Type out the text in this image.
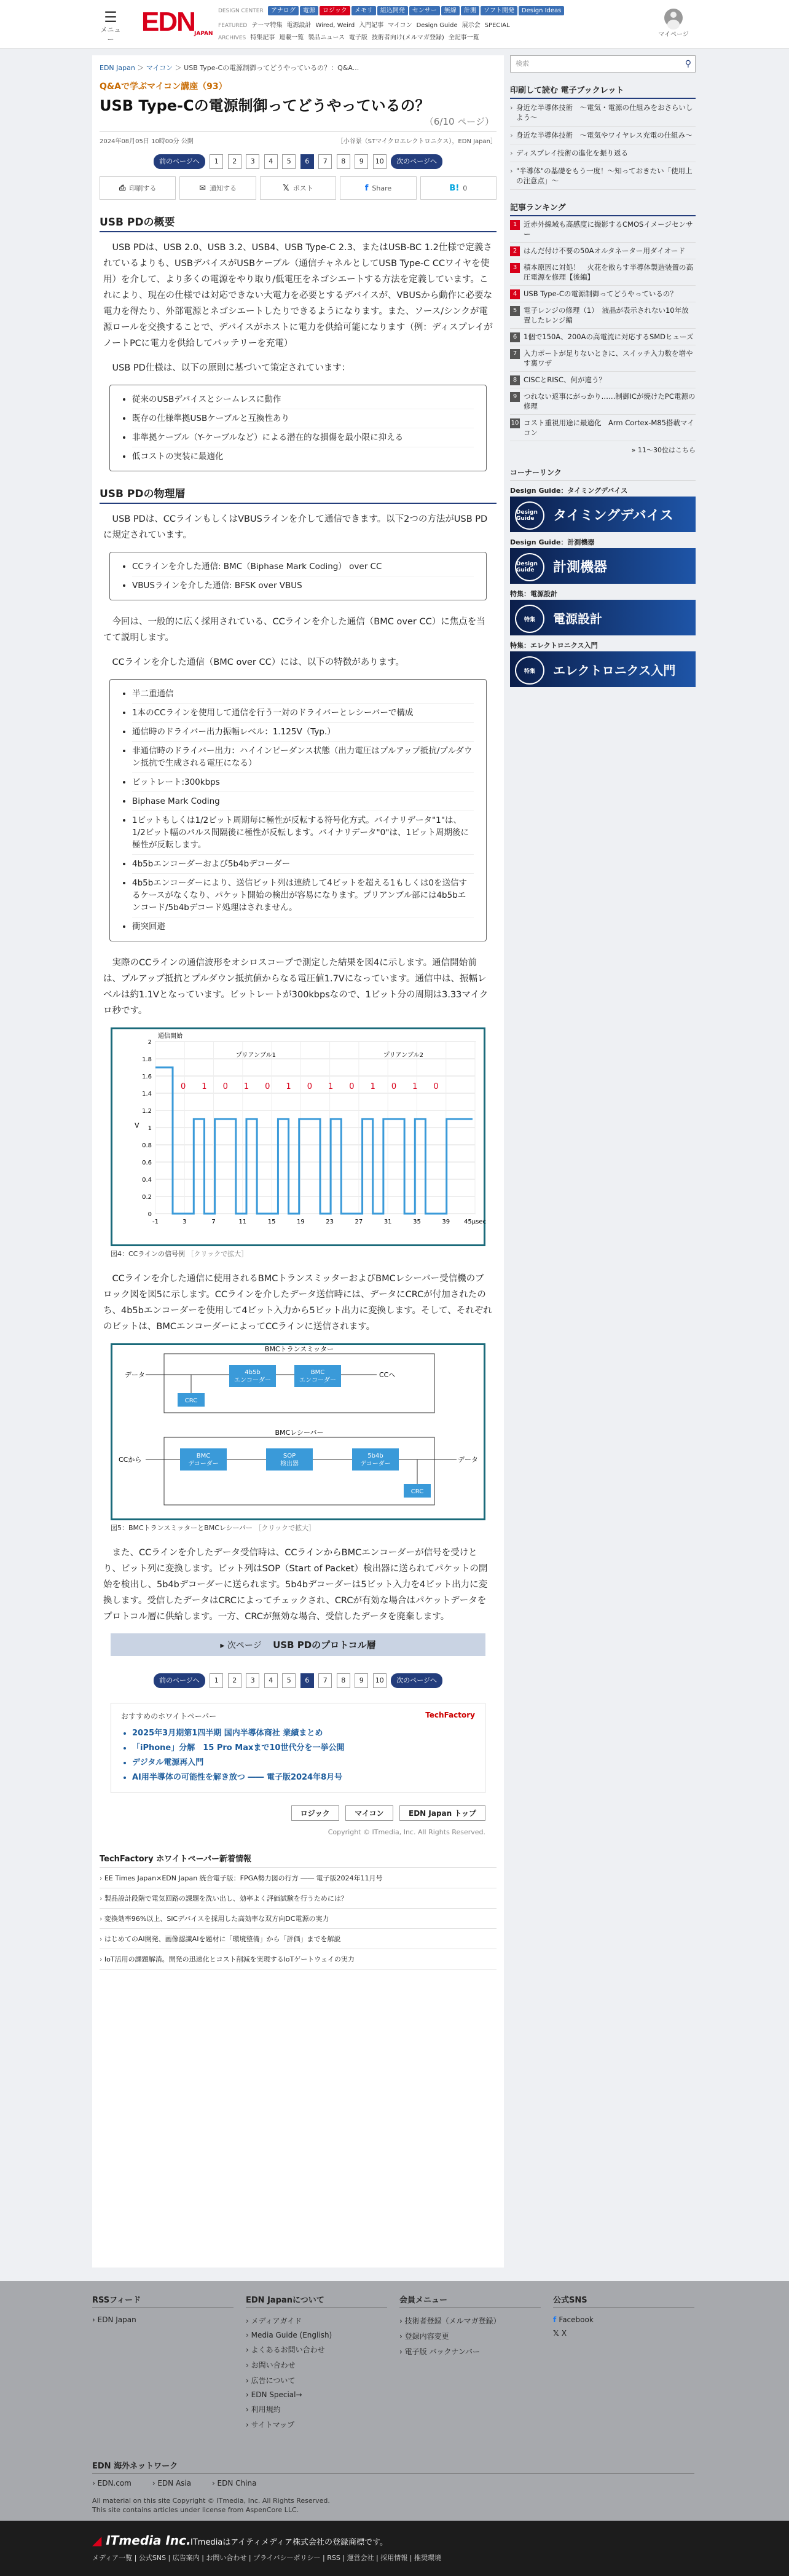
☰
メニュー
EDN JAPAN
DESIGN CENTER アナログ 電源 ロジック メモリ 組込開発 センサー 無線 計測 ソフト開発 Design Ideas
FEATURED テーマ特集 電源設計 Wired, Weird 入門記事 マイコン Design Guide 展示会 SPECIAL
ARCHIVES 特集記事 連載一覧 製品ニュース 電子版 技術者向け(メルマガ登録) 全記事一覧	マイページ
EDN Japan ＞ マイコン ＞ USB Type-Cの電源制御ってどうやっているの？：Q&A...
Q&Aで学ぶマイコン講座（93）
USB Type-Cの電源制御ってどうやっているの？
（6/10 ページ）
2024年08月05日 10時00分 公開	［小谷景（STマイクロエレクトロニクス），EDN Japan］
前のページへ 1 2 3 4 5 6 7 8 9 10 次のページへ
⎙ 印刷する	✉ 通知する	𝕏 ポスト	f Share	B! 0
USB PDの概要

USB PDは、USB 2.0、USB 3.2、USB4、USB Type-C 2.3、またはUSB-BC 1.2仕様で定義されているよりも、USBデバイスがUSBケーブル（通信チャネルとしてUSB Type-C CCワイヤを使用）を介して、より多くの電源をやり取り/低電圧をネゴシエートする方法を定義しています。これにより、現在の仕様では対応できない大電力を必要とするデバイスが、VBUSから動作に必要な電力を得たり、外部電源とネゴシエートしたりできるようになります。また、ソース/シンクが電源ロールを交換することで、デバイスがホストに電力を供給可能になります（例：ディスプレイがノートPCに電力を供給してバッテリーを充電）

USB PD仕様は、以下の原則に基づいて策定されています：

• 従来のUSBデバイスとシームレスに動作
• 既存の仕様準拠USBケーブルと互換性あり
• 非準拠ケーブル（Y-ケーブルなど）による潜在的な損傷を最小限に抑える
• 低コストの実装に最適化
USB PDの物理層

USB PDは、CCラインもしくはVBUSラインを介して通信できます。以下2つの方法がUSB PDに規定されています。

• CCラインを介した通信: BMC（Biphase Mark Coding） over CC
• VBUSラインを介した通信: BFSK over VBUS

今回は、一般的に広く採用されている、CCラインを介した通信（BMC over CC）に焦点を当てて説明します。

CCラインを介した通信（BMC over CC）には、以下の特徴があります。

• 半二重通信
• 1本のCCラインを使用して通信を行う一対のドライバーとレシーバーで構成
• 通信時のドライバー出力振幅レベル：1.125V（Typ.）
• 非通信時のドライバー出力：ハイインピーダンス状態（出力電圧はプルアップ抵抗/プルダウン抵抗で生成される電圧になる）
• ビットレート:300kbps
• Biphase Mark Coding
• 1ビットもしくは1/2ビット周期毎に極性が反転する符号化方式。バイナリデータ"1"は、1/2ビット幅のパルス間隔後に極性が反転します。バイナリデータ"0"は、1ビット周期後に極性が反転します。
• 4b5bエンコーダーおよび5b4bデコーダー
• 4b5bエンコーダーにより、送信ビット列は連続して4ビットを超える1もしくは0を送信するケースがなくなり、パケット開始の検出が容易になります。プリアンブル部には4b5bエンコード/5b4bデコード処理はされません。
• 衝突回避

実際のCCラインの通信波形をオシロスコープで測定した結果を図4に示します。通信開始前は、プルアップ抵抗とプルダウン抵抗値からなる電圧値1.7Vになっています。通信中は、振幅レベルは約1.1Vとなっています。ビットレートが300kbpsなので、1ビット分の周期は3.33マイクロ秒です。

2
1.8
1.6
1.4
1.2
1
0.8
0.6
0.4
0.2
0
-1	3	7	11	15	19	23	27	31	35	39 45μsec
V
0 1 0 1 0 1 0 1 0 1 0 1 0
通信開始
プリアンブル1	プリアンブル2
図4：CCラインの信号例 ［クリックで拡大］

CCラインを介した通信に使用されるBMCトランスミッターおよびBMCレシーバー受信機のブロック図を図5に示します。CCラインを介したデータ送信時には、データにCRCが付加されたのち、4b5bエンコーダーを使用して4ビット入力から5ビット出力に変換します。そして、それぞれのビットは、BMCエンコーダーによってCCラインに送信されます。

BMCトランスミッター
データ	4b5b
エンコーダー
BMC
エンコーダー
CCへ
CRC
BMCレシーバー
CCから	BMC
デコーダー
SOP
検出器
5b4b
デコーダー
データ
CRC
図5：BMCトランスミッターとBMCレシーバー ［クリックで拡大］

また、CCラインを介したデータ受信時は、CCラインからBMCエンコーダーが信号を受けとり、ビット列に変換します。ビット列はSOP（Start of Packet）検出器に送られてパケットの開始を検出し、5b4bデコーダーに送られます。5b4bデコーダーは5ビット入力を4ビット出力に変換します。受信したデータはCRCによってチェックされ、CRCが有効な場合はパケットデータをプロトコル層に供給します。一方、CRCが無効な場合、受信したデータを廃棄します。

▸ 次ページ　 USB PDのプロトコル層
前のページへ 1 2 3 4 5 6 7 8 9 10 次のページへ
おすすめのホワイトペーパー	TechFactory
• 2025年3月期第1四半期 国内半導体商社 業績まとめ
• 「iPhone」分解　15 Pro Maxまで10世代分を一挙公開
• デジタル電源再入門
• AI用半導体の可能性を解き放つ ―― 電子版2024年8月号
ロジック	マイコン	EDN Japan トップ
Copyright © ITmedia, Inc. All Rights Reserved.
TechFactory ホワイトペーパー新着情報
› EE Times Japan×EDN Japan 統合電子版：FPGA勢力図の行方 ―― 電子版2024年11月号
› 製品設計段階で電気回路の課題を洗い出し、効率よく評価試験を行うためには？
› 変換効率96%以上、SiCデバイスを採用した高効率な双方向DC電源の実力
› はじめてのAI開発、画像認識AIを題材に「環境整備」から「評価」までを解説
› IoT活用の課題解消。開発の迅速化とコスト削減を実現するIoTゲートウェイの実力
検索	⚲
印刷して読む 電子ブックレット
› 身近な半導体技術　〜電気・電源の仕組みをおさらいしよう〜
› 身近な半導体技術　〜電気やワイヤレス充電の仕組み〜
› ディスプレイ技術の進化を振り返る
› "半導体"の基礎をもう一度！〜知っておきたい「使用上の注意点」〜
記事ランキング
1 近赤外線域も高感度に撮影するCMOSイメージセンサー
2 はんだ付け不要の50Aオルタネーター用ダイオード
3 積本原因に対処！　火花を散らす半導体製造装置の高圧電源を修理【後編】
4 USB Type-Cの電源制御ってどうやっているの？
5 電子レンジの修理（1）　液晶が表示されない10年放置したレンジ編
6 1個で150A、200Aの高電流に対応するSMDヒューズ
7 入力ポートが足りないときに、スイッチ入力数を増やす裏ワザ
8 CISCとRISC、何が違う？
9 つれない返事にがっかり……制御ICが焼けたPC電源の修理
10 コスト重視用途に最適化　Arm Cortex-M85搭載マイコン
» 11〜30位はこちら
コーナーリンク
Design Guide：タイミングデバイス
Design Guide	タイミングデバイス
Design Guide：計測機器
Design Guide	計測機器
特集：電源設計
特集	電源設計
特集：エレクトロニクス入門
特集	エレクトロニクス入門
RSSフィード
› EDN Japan
EDN Japanについて
› メディアガイド
› Media Guide (English)
› よくあるお問い合わせ
› お問い合わせ
› 広告について
› EDN Special→
› 利用規約
› サイトマップ
会員メニュー
› 技術者登録（メルマガ登録）
› 登録内容変更
› 電子版 バックナンバー
公式SNS
f Facebook
𝕏 X
EDN 海外ネットワーク
› EDN.com	› EDN Asia	› EDN China
All material on this site Copyright © ITmedia, Inc. All Rights Reserved.
This site contains articles under license from AspenCore LLC.
◢ ITmedia Inc. ITmediaはアイティメディア株式会社の登録商標です。
メディア一覧 | 公式SNS | 広告案内 | お問い合わせ | プライバシーポリシー | RSS | 運営会社 | 採用情報 | 推奨環境
